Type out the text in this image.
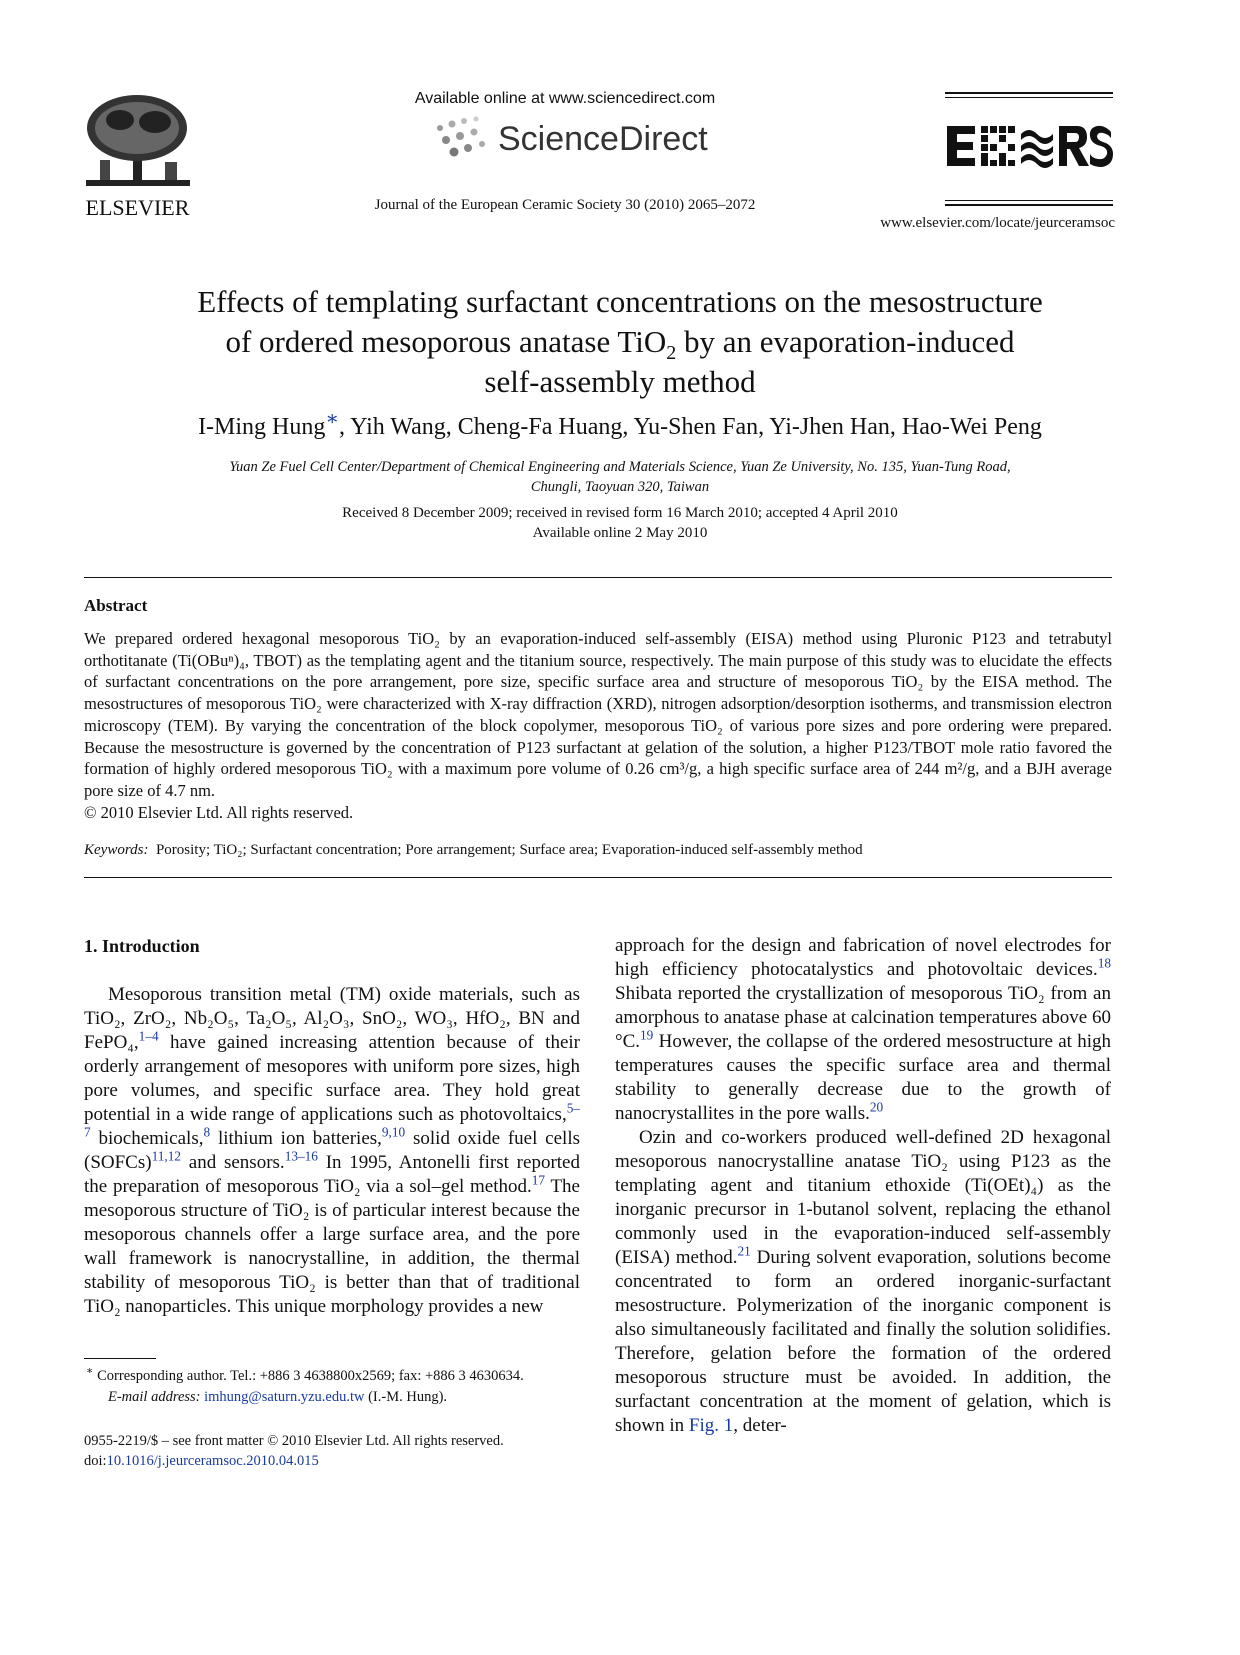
ELSEVIER
Available online at www.sciencedirect.com
ScienceDirect
Journal of the European Ceramic Society 30 (2010) 2065–2072
www.elsevier.com/locate/jeurceramsoc
Effects of templating surfactant concentrations on the mesostructure
of ordered mesoporous anatase TiO$_2$ by an evaporation-induced
self-assembly method
I-Ming Hung∗, Yih Wang, Cheng-Fa Huang, Yu-Shen Fan, Yi-Jhen Han, Hao-Wei Peng
Yuan Ze Fuel Cell Center/Department of Chemical Engineering and Materials Science, Yuan Ze University, No. 135, Yuan-Tung Road,
Chungli, Taoyuan 320, Taiwan
Received 8 December 2009; received in revised form 16 March 2010; accepted 4 April 2010
Available online 2 May 2010
Abstract
We prepared ordered hexagonal mesoporous TiO₂ by an evaporation-induced self-assembly (EISA) method using Pluronic P123 and tetrabutyl orthotitanate (Ti(OBuⁿ)₄, TBOT) as the templating agent and the titanium source, respectively. The main purpose of this study was to elucidate the effects of surfactant concentrations on the pore arrangement, pore size, specific surface area and structure of mesoporous TiO₂ by the EISA method. The mesostructures of mesoporous TiO₂ were characterized with X-ray diffraction (XRD), nitrogen adsorption/desorption isotherms, and transmission electron microscopy (TEM). By varying the concentration of the block copolymer, mesoporous TiO₂ of various pore sizes and pore ordering were prepared. Because the mesostructure is governed by the concentration of P123 surfactant at gelation of the solution, a higher P123/TBOT mole ratio favored the formation of highly ordered mesoporous TiO₂ with a maximum pore volume of 0.26 cm³/g, a high specific surface area of 244 m²/g, and a BJH average pore size of 4.7 nm.
© 2010 Elsevier Ltd. All rights reserved.
Keywords: Porosity; TiO₂; Surfactant concentration; Pore arrangement; Surface area; Evaporation-induced self-assembly method
1. Introduction

Mesoporous transition metal (TM) oxide materials, such as TiO₂, ZrO₂, Nb₂O₅, Ta₂O₅, Al₂O₃, SnO₂, WO₃, HfO₂, BN and FePO₄,$^{1-4}$ have gained increasing attention because of their orderly arrangement of mesopores with uniform pore sizes, high pore volumes, and specific surface area. They hold great potential in a wide range of applications such as photovoltaics,$^{5-7}$ biochemicals,$^8$ lithium ion batteries,$^{9,10}$ solid oxide fuel cells (SOFCs)$^{11,12}$ and sensors.$^{13-16}$ In 1995, Antonelli first reported the preparation of mesoporous TiO₂ via a sol–gel method.$^{17}$ The mesoporous structure of TiO₂ is of particular interest because the mesoporous channels offer a large surface area, and the pore wall framework is nanocrystalline, in addition, the thermal stability of mesoporous TiO₂ is better than that of traditional TiO₂ nanoparticles. This unique morphology provides a new

∗ Corresponding author. Tel.: +886 3 4638800x2569; fax: +886 3 4630634.
E-mail address: imhung@saturn.yzu.edu.tw (I.-M. Hung).
0955-2219/$ – see front matter © 2010 Elsevier Ltd. All rights reserved.
doi:10.1016/j.jeurceramsoc.2010.04.015

approach for the design and fabrication of novel electrodes for high efficiency photocatalystics and photovoltaic devices.$^{18}$ Shibata reported the crystallization of mesoporous TiO₂ from an amorphous to anatase phase at calcination temperatures above 60 °C.$^{19}$ However, the collapse of the ordered mesostructure at high temperatures causes the specific surface area and thermal stability to generally decrease due to the growth of nanocrystallites in the pore walls.$^{20}$

Ozin and co-workers produced well-defined 2D hexagonal mesoporous nanocrystalline anatase TiO₂ using P123 as the templating agent and titanium ethoxide (Ti(OEt)₄) as the inorganic precursor in 1-butanol solvent, replacing the ethanol commonly used in the evaporation-induced self-assembly (EISA) method.$^{21}$ During solvent evaporation, solutions become concentrated to form an ordered inorganic-surfactant mesostructure. Polymerization of the inorganic component is also simultaneously facilitated and finally the solution solidifies. Therefore, gelation before the formation of the ordered mesoporous structure must be avoided. In addition, the surfactant concentration at the moment of gelation, which is shown in Fig. 1, deter-
